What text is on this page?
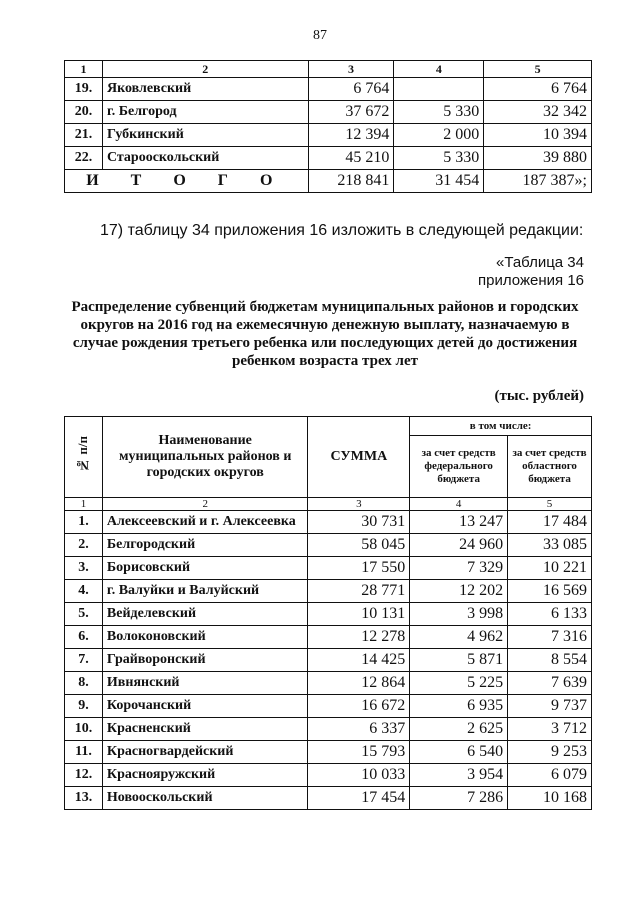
87
1	2	3	4	5
19.	Яковлевский	6 764		6 764
20.	г. Белгород	37 672	5 330	32 342
21.	Губкинский	12 394	2 000	10 394
22.	Старооскольский	45 210	5 330	39 880
И Т О Г О		218 841	31 454	187 387»;
17) таблицу 34 приложения 16 изложить в следующей редакции:
«Таблица 34
приложения 16
Распределение субвенций бюджетам муниципальных районов и городских округов на 2016 год на ежемесячную денежную выплату, назначаемую в случае рождения третьего ребенка или последующих детей до достижения ребенком возраста трех лет
(тыс. рублей)
№ п/п	Наименование муниципальных районов и городских округов	СУММА	в том числе:	
			за счет средств федерального бюджета	за счет средств областного бюджета
1	2	3	4	5
1.	Алексеевский и г. Алексеевка	30 731	13 247	17 484
2.	Белгородский	58 045	24 960	33 085
3.	Борисовский	17 550	7 329	10 221
4.	г. Валуйки и Валуйский	28 771	12 202	16 569
5.	Вейделевский	10 131	3 998	6 133
6.	Волоконовский	12 278	4 962	7 316
7.	Грайворонский	14 425	5 871	8 554
8.	Ивнянский	12 864	5 225	7 639
9.	Корочанский	16 672	6 935	9 737
10.	Красненский	6 337	2 625	3 712
11.	Красногвардейский	15 793	6 540	9 253
12.	Краснояружский	10 033	3 954	6 079
13.	Новооскольский	17 454	7 286	10 168
